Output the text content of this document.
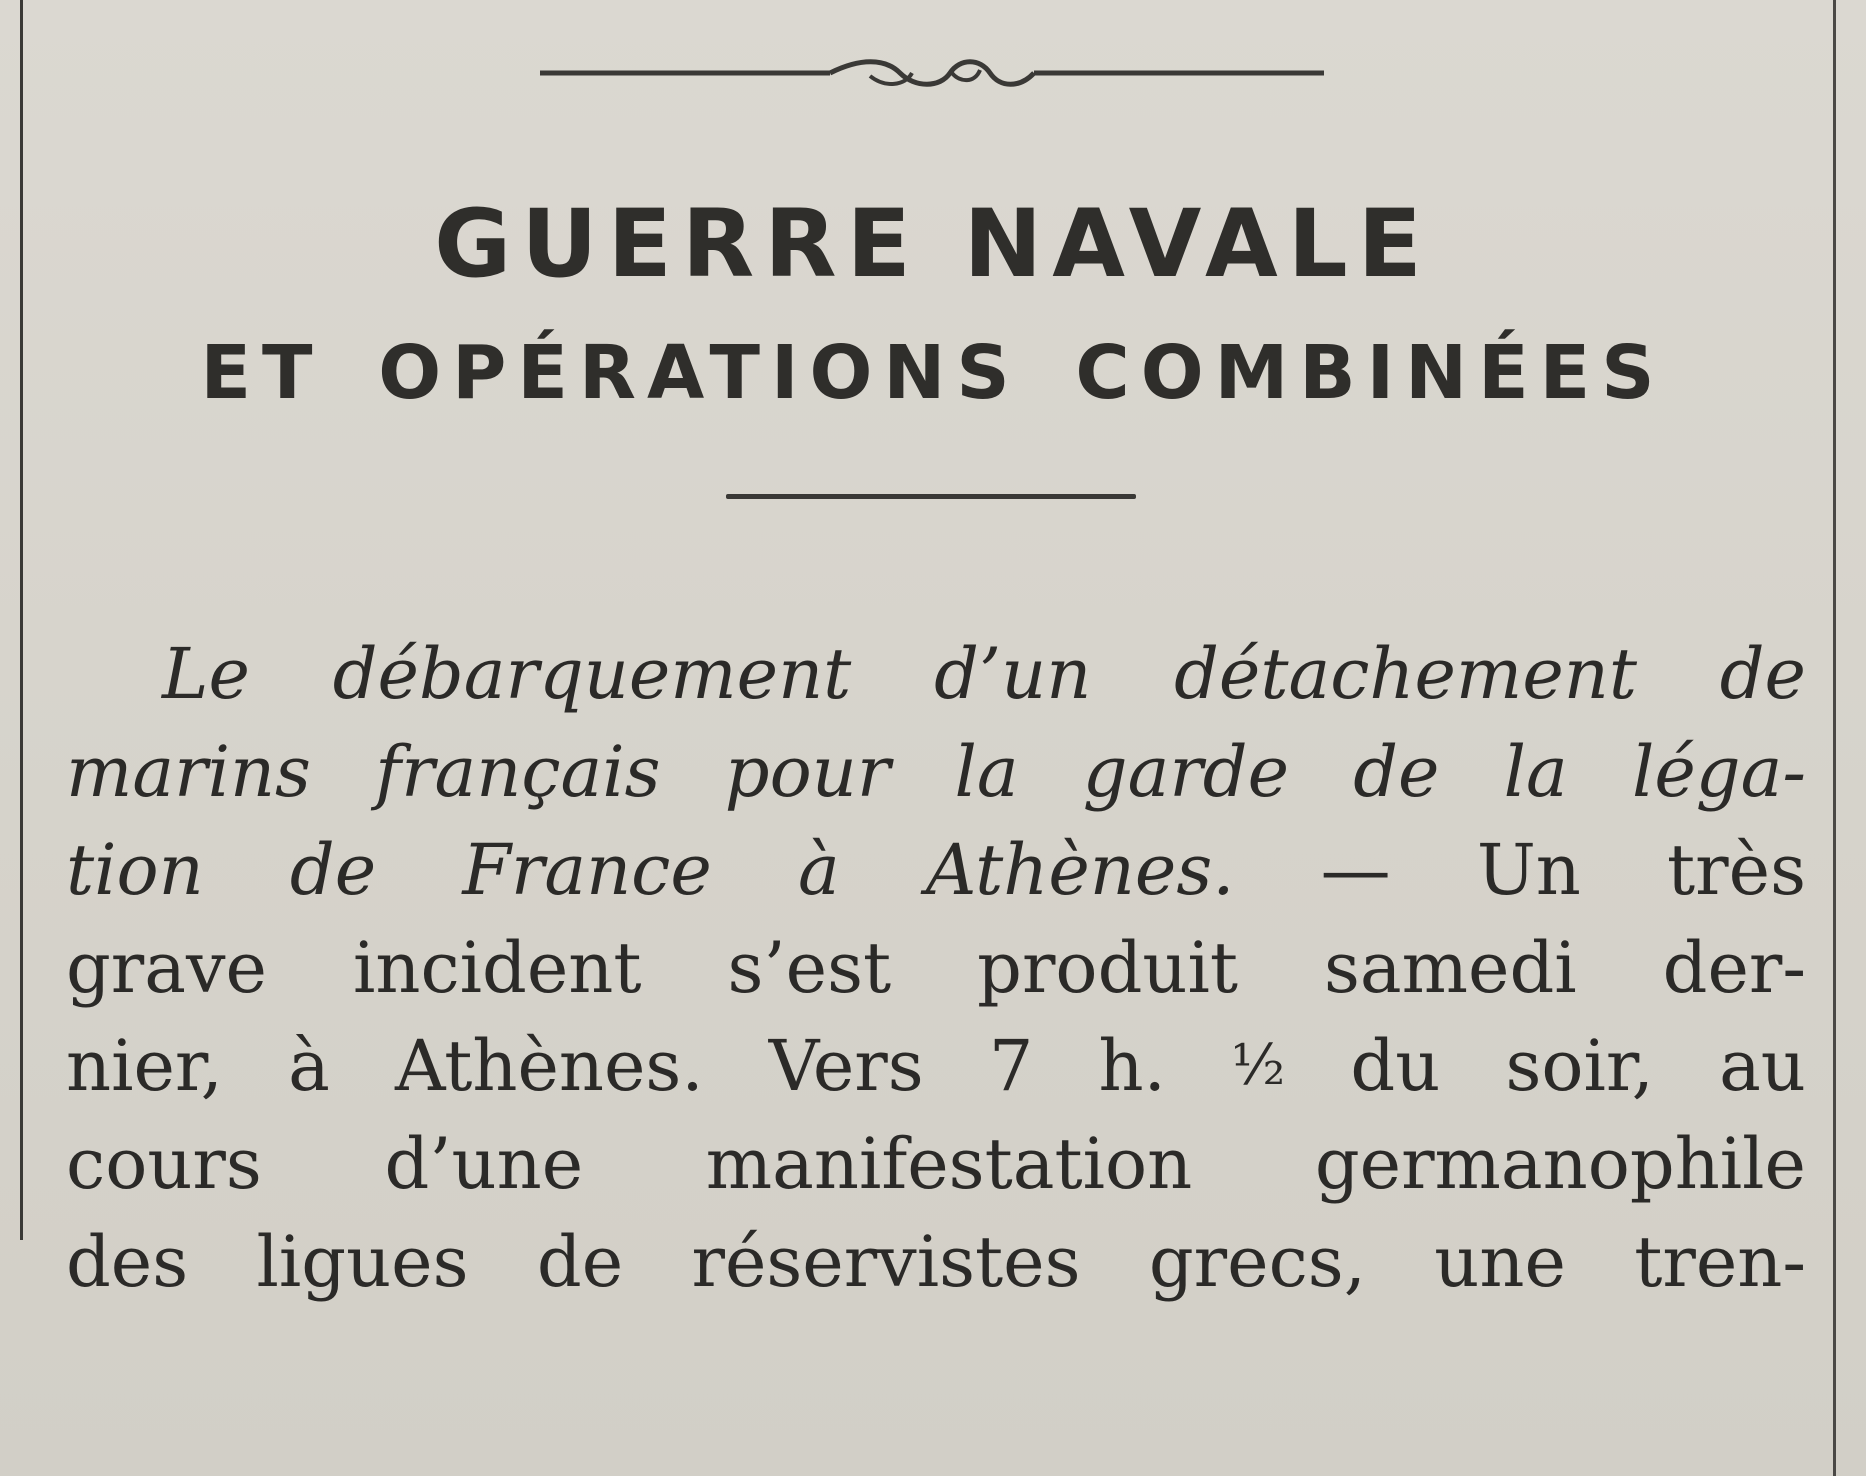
GUERRE NAVALE
ET OPÉRATIONS COMBINÉES
Le débarquement d’un détachement de
marins français pour la garde de la léga-
tion de France à Athènes. — Un très
grave incident s’est produit samedi der-
nier, à Athènes. Vers 7 h. ½ du soir, au
cours d’une manifestation germanophile
des ligues de réservistes grecs, une tren-
